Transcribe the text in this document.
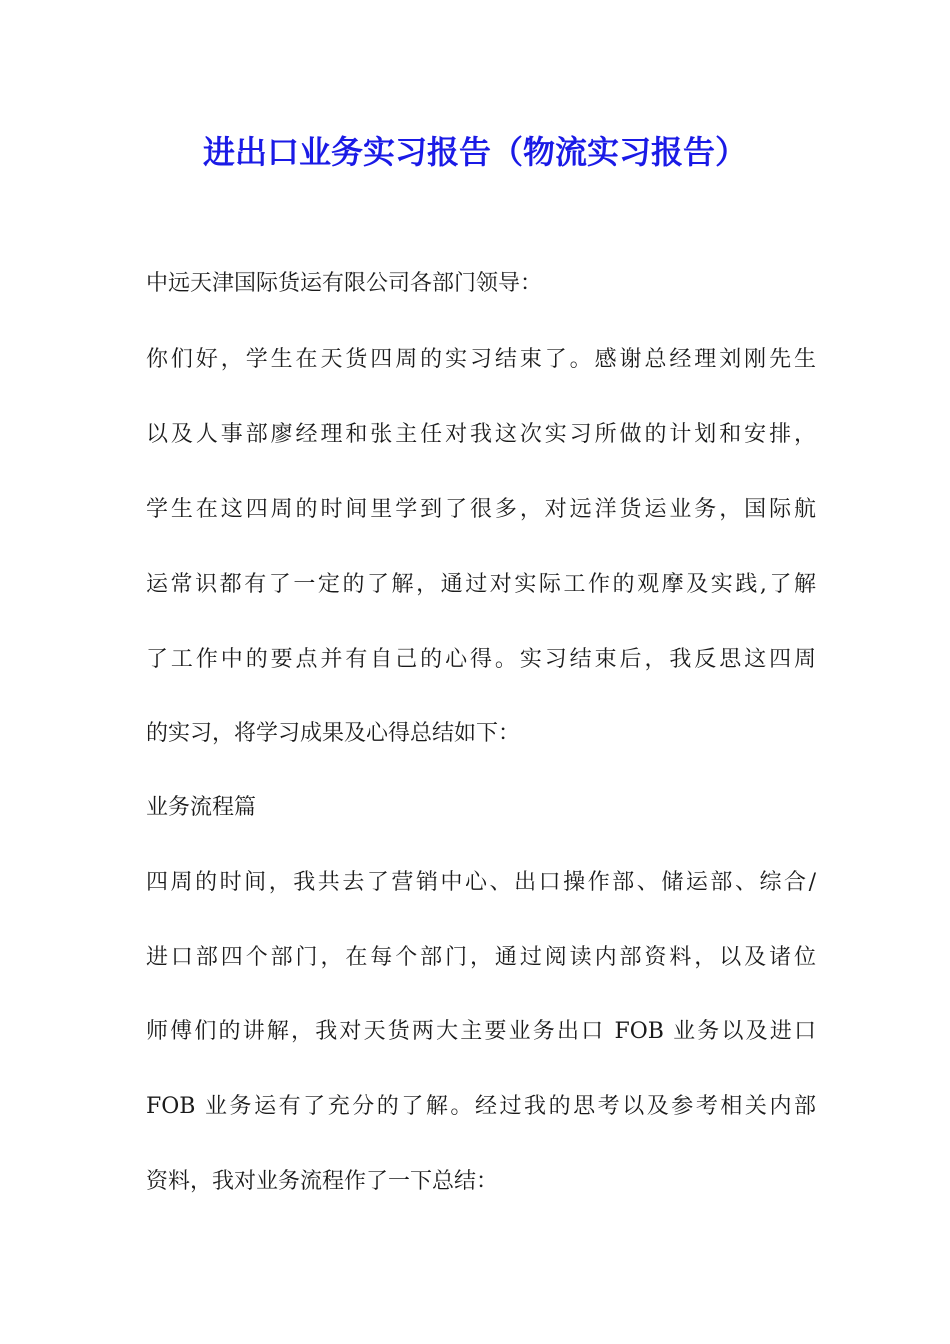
进出口业务实习报告（物流实习报告）
中远天津国际货运有限公司各部门领导：
你们好，学生在天货四周的实习结束了。感谢总经理刘刚先生
以及人事部廖经理和张主任对我这次实习所做的计划和安排，
学生在这四周的时间里学到了很多，对远洋货运业务，国际航
运常识都有了一定的了解，通过对实际工作的观摩及实践,了解
了工作中的要点并有自己的心得。实习结束后，我反思这四周
的实习，将学习成果及心得总结如下：
业务流程篇
四周的时间，我共去了营销中心、出口操作部、储运部、综合/
进口部四个部门，在每个部门，通过阅读内部资料，以及诸位
师傅们的讲解，我对天货两大主要业务出口 FOB 业务以及进口
FOB 业务运有了充分的了解。经过我的思考以及参考相关内部
资料，我对业务流程作了一下总结：
